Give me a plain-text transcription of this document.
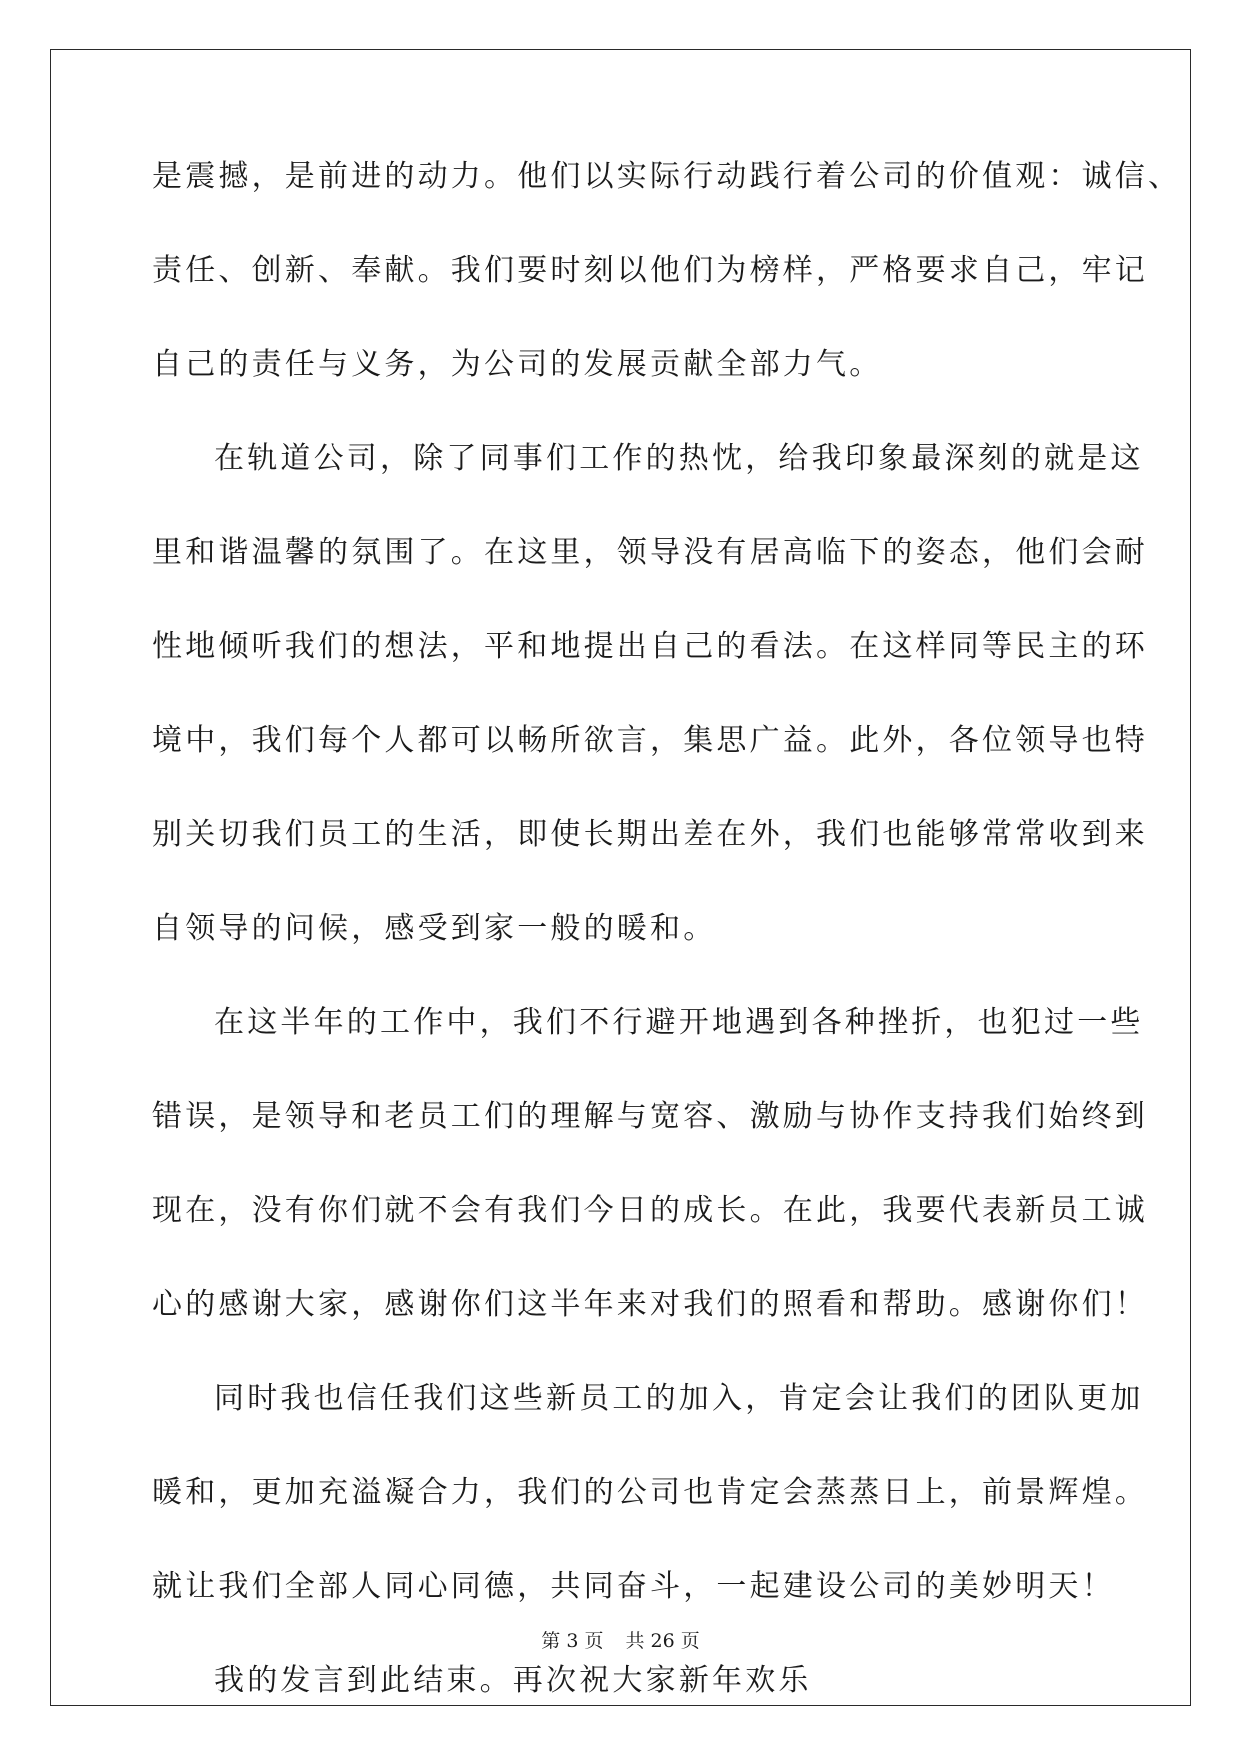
是震撼，是前进的动力。他们以实际行动践行着公司的价值观：诚信、
责任、创新、奉献。我们要时刻以他们为榜样，严格要求自己，牢记
自己的责任与义务，为公司的发展贡献全部力气。
在轨道公司，除了同事们工作的热忱，给我印象最深刻的就是这
里和谐温馨的氛围了。在这里，领导没有居高临下的姿态，他们会耐
性地倾听我们的想法，平和地提出自己的看法。在这样同等民主的环
境中，我们每个人都可以畅所欲言，集思广益。此外，各位领导也特
别关切我们员工的生活，即使长期出差在外，我们也能够常常收到来
自领导的问候，感受到家一般的暖和。
在这半年的工作中，我们不行避开地遇到各种挫折，也犯过一些
错误，是领导和老员工们的理解与宽容、激励与协作支持我们始终到
现在，没有你们就不会有我们今日的成长。在此，我要代表新员工诚
心的感谢大家，感谢你们这半年来对我们的照看和帮助。感谢你们！
同时我也信任我们这些新员工的加入，肯定会让我们的团队更加
暖和，更加充溢凝合力，我们的公司也肯定会蒸蒸日上，前景辉煌。
就让我们全部人同心同德，共同奋斗，一起建设公司的美妙明天！
我的发言到此结束。再次祝大家新年欢乐
第 3 页 共 26 页
